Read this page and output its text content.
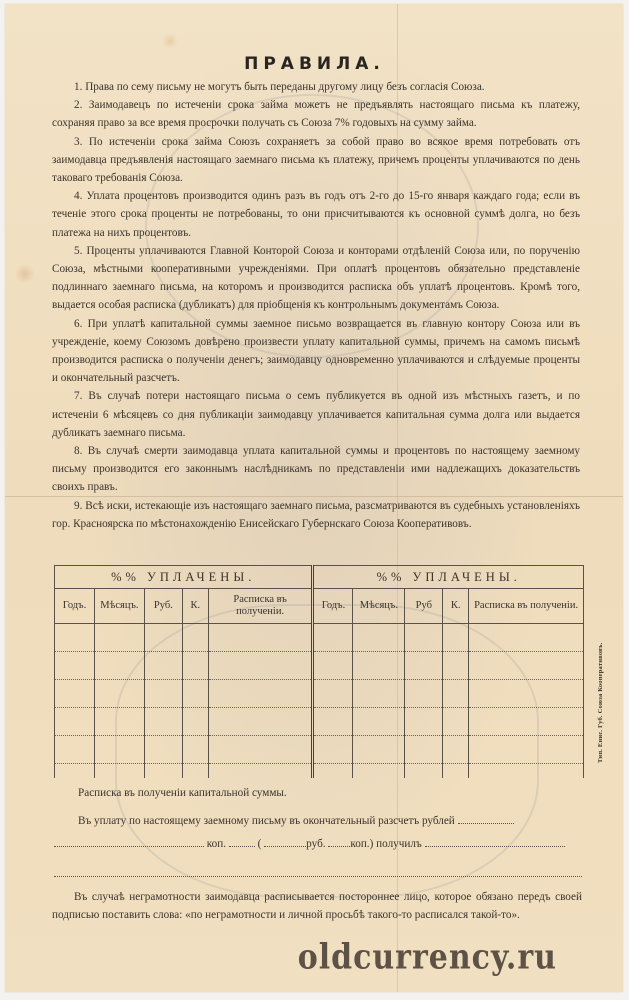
ПРАВИЛА.

1. Права по сему письму не могутъ быть переданы другому лицу безъ согласія Союза.

2. Заимодавецъ по истеченіи срока займа можетъ не предъявлять настоящаго письма къ платежу, сохраняя право за все время просрочки получать съ Союза 7% годовыхъ на сумму займа.

3. По истеченіи срока займа Союзъ сохраняетъ за собой право во всякое время потребовать отъ заимодавца предъявленія настоящаго заемнаго письма къ платежу, причемъ проценты уплачиваются по день таковаго требованія Союза.

4. Уплата процентовъ производится одинъ разъ въ годъ отъ 2-го до 15-го января каждаго года; если въ теченіе этого срока проценты не потребованы, то они присчитываются къ основной суммѣ долга, но безъ платежа на нихъ процентовъ.

5. Проценты уплачиваются Главной Конторой Союза и конторами отдѣленій Союза или, по порученію Союза, мѣстными кооперативными учрежденіями. При оплатѣ процентовъ обязательно представленіе подлиннаго заемнаго письма, на которомъ и производится расписка объ уплатѣ процентовъ. Кромѣ того, выдается особая расписка (дубликатъ) для пріобщенія къ контрольнымъ документамъ Союза.

6. При уплатѣ капитальной суммы заемное письмо возвращается въ главную контору Союза или въ учрежденіе, коему Союзомъ довѣрено произвести уплату капитальной суммы, причемъ на самомъ письмѣ производится расписка о полученіи денегъ; заимодавцу одновременно уплачиваются и слѣдуемые проценты и окончательный разсчетъ.

7. Въ случаѣ потери настоящаго письма о семъ публикуется въ одной изъ мѣстныхъ газетъ, и по истеченіи 6 мѣсяцевъ со дня публикаціи заимодавцу уплачивается капитальная сумма долга или выдается дубликатъ заемнаго письма.

8. Въ случаѣ смерти заимодавца уплата капитальной суммы и процентовъ по настоящему заемному письму производится его законнымъ наслѣдникамъ по представленіи ими надлежащихъ доказательствъ своихъ правъ.

9. Всѣ иски, истекающіе изъ настоящаго заемнаго письма, разсматриваются въ судебныхъ установленіяхъ гор. Красноярска по мѣстонахожденію Енисейскаго Губернскаго Союза Кооперативовъ.

%% УПЛАЧЕНЫ.					%% УПЛАЧЕНЫ.				
Годъ.	Мѣсяцъ.	Руб.	К.	Расписка въ полученіи.	Годъ.	Мѣсяцъ.	Руб	К.	Расписка въ полученіи.

Тип. Енис. Губ. Союза Кооперативовъ.
Расписка въ полученіи капитальной суммы.
Въ уплату по настоящему заемному письму въ окончательный разсчетъ рублей
коп.	(	руб. коп.) получилъ

Въ случаѣ неграмотности заимодавца расписывается постороннее лицо, которое обязано передъ своей подписью поставить слова: «по неграмотности и личной просьбѣ такого-то расписался такой-то».

oldcurrency.ru
